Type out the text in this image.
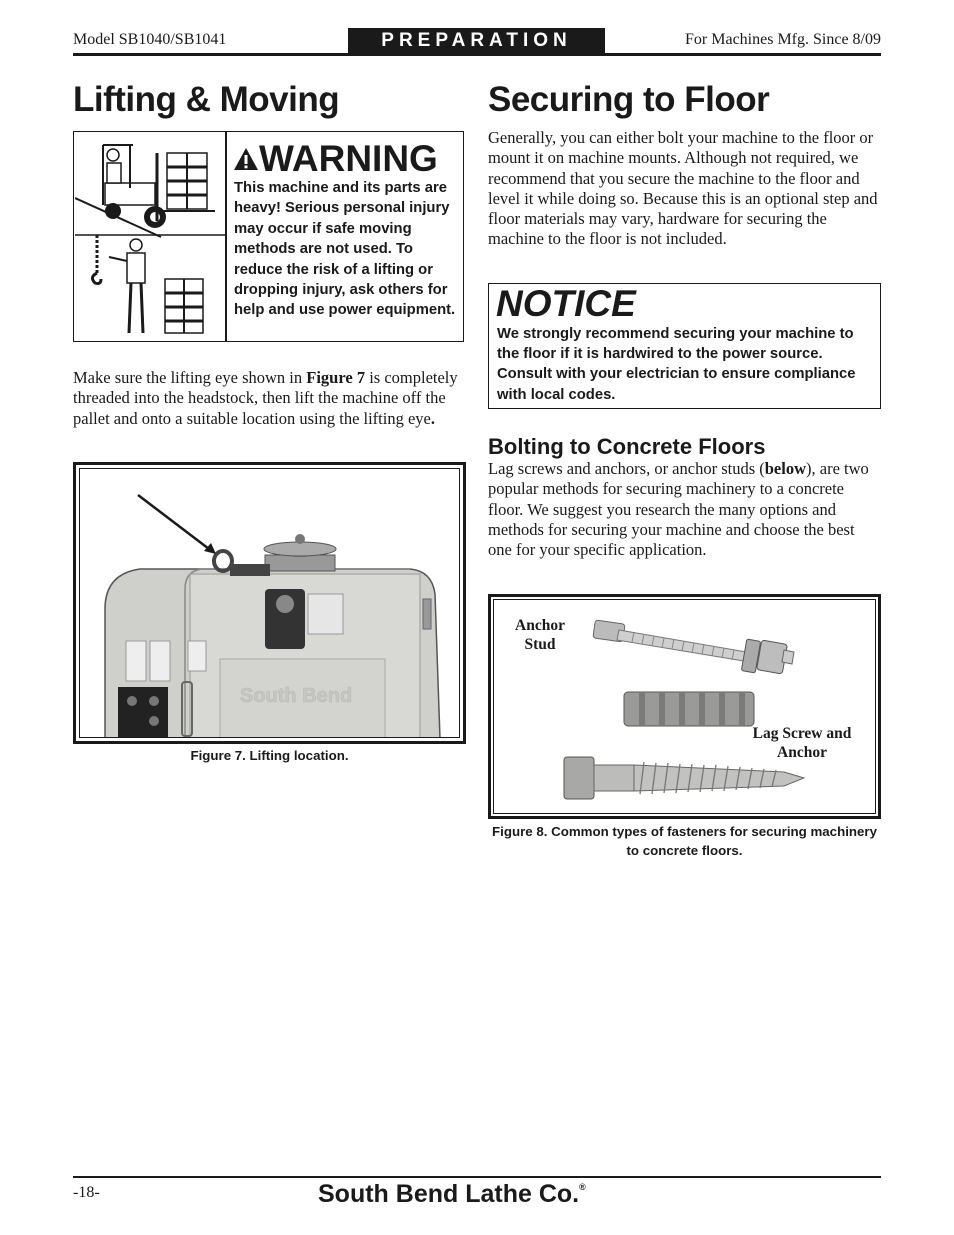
Model SB1040/SB1041	PREPARATION	For Machines Mfg. Since 8/09
Lifting & Moving
WARNING
This machine and its parts are heavy! Serious personal injury may occur if safe moving methods are not used. To reduce the risk of a lifting or dropping injury, ask others for help and use power equipment.
Make sure the lifting eye shown in Figure 7 is completely threaded into the headstock, then lift the machine off the pallet and onto a suitable location using the lifting eye.
South Bend
Figure 7. Lifting location.
Securing to Floor
Generally, you can either bolt your machine to the floor or mount it on machine mounts. Although not required, we recommend that you secure the machine to the floor and level it while doing so. Because this is an optional step and floor materials may vary, hardware for securing the machine to the floor is not included.
NOTICE
We strongly recommend securing your machine to the floor if it is hardwired to the power source. Consult with your electrician to ensure compliance with local codes.
Bolting to Concrete Floors
Lag screws and anchors, or anchor studs (below), are two popular methods for securing machinery to a concrete floor. We suggest you research the many options and methods for securing your machine and choose the best one for your specific application.
Anchor Stud
Lag Screw and Anchor
Figure 8. Common types of fasteners for securing machinery to concrete floors.
-18-	South Bend Lathe Co.®
